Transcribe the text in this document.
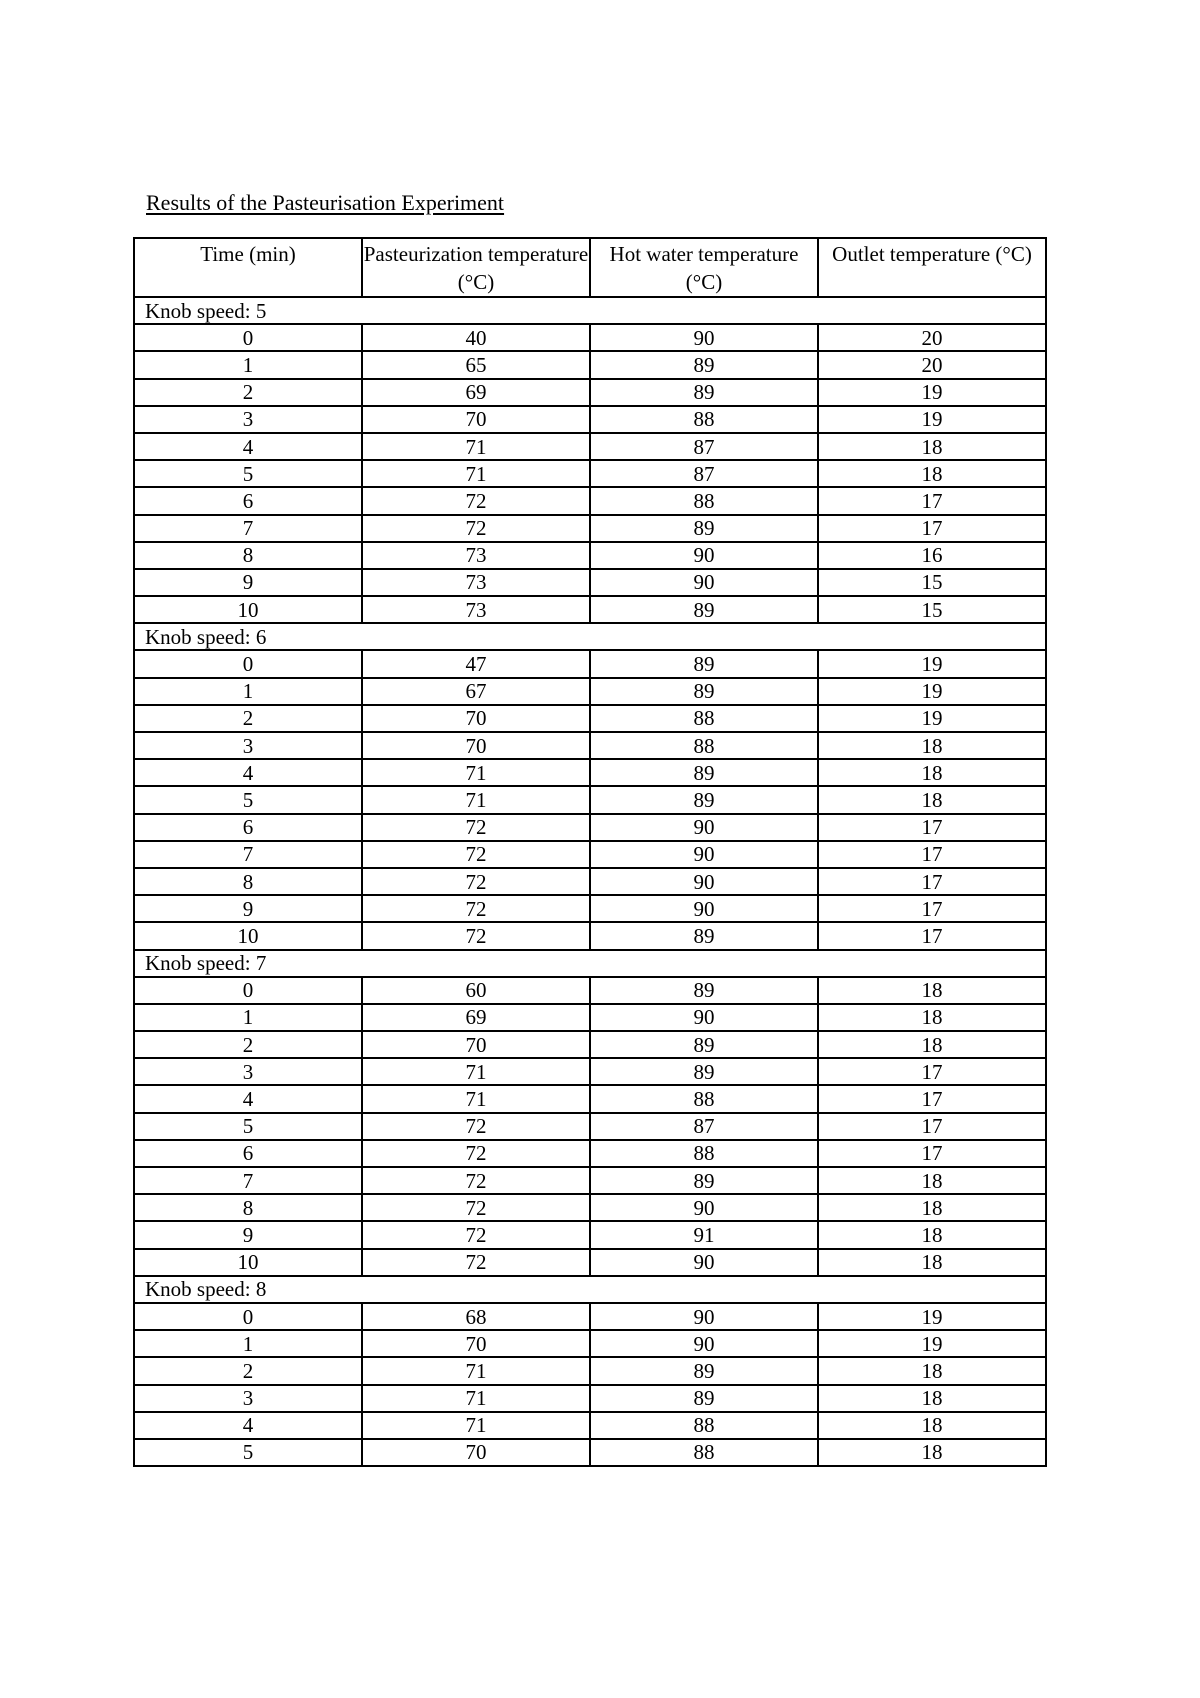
Results of the Pasteurisation Experiment
Time (min)	Pasteurization temperature (°C)	Hot water temperature (°C)	Outlet temperature (°C)
Knob speed: 5			
0	40	90	20
1	65	89	20
2	69	89	19
3	70	88	19
4	71	87	18
5	71	87	18
6	72	88	17
7	72	89	17
8	73	90	16
9	73	90	15
10	73	89	15
Knob speed: 6			
0	47	89	19
1	67	89	19
2	70	88	19
3	70	88	18
4	71	89	18
5	71	89	18
6	72	90	17
7	72	90	17
8	72	90	17
9	72	90	17
10	72	89	17
Knob speed: 7			
0	60	89	18
1	69	90	18
2	70	89	18
3	71	89	17
4	71	88	17
5	72	87	17
6	72	88	17
7	72	89	18
8	72	90	18
9	72	91	18
10	72	90	18
Knob speed: 8			
0	68	90	19
1	70	90	19
2	71	89	18
3	71	89	18
4	71	88	18
5	70	88	18
